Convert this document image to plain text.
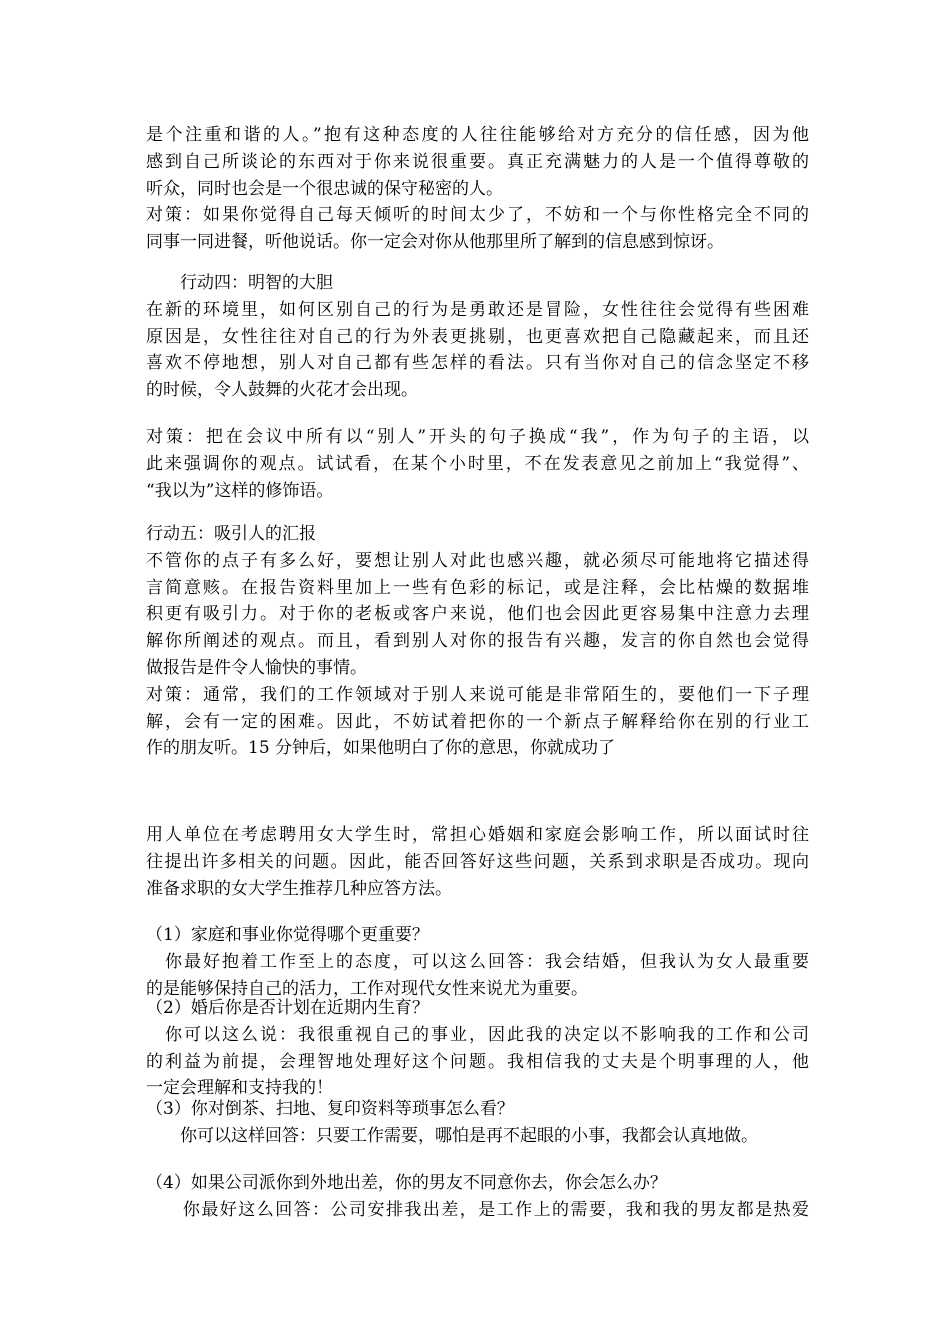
是个注重和谐的人。”抱有这种态度的人往往能够给对方充分的信任感，因为他
感到自己所谈论的东西对于你来说很重要。真正充满魅力的人是一个值得尊敬的
听众，同时也会是一个很忠诚的保守秘密的人。
对策：如果你觉得自己每天倾听的时间太少了，不妨和一个与你性格完全不同的
同事一同进餐，听他说话。你一定会对你从他那里所了解到的信息感到惊讶。
　　行动四：明智的大胆
在新的环境里，如何区别自己的行为是勇敢还是冒险，女性往往会觉得有些困难
原因是，女性往往对自己的行为外表更挑剔，也更喜欢把自己隐藏起来，而且还
喜欢不停地想，别人对自己都有些怎样的看法。只有当你对自己的信念坚定不移
的时候，令人鼓舞的火花才会出现。
对策：把在会议中所有以“别人”开头的句子换成“我”，作为句子的主语，以
此来强调你的观点。试试看，在某个小时里，不在发表意见之前加上“我觉得”、
“我以为”这样的修饰语。
行动五：吸引人的汇报
不管你的点子有多么好，要想让别人对此也感兴趣，就必须尽可能地将它描述得
言简意赅。在报告资料里加上一些有色彩的标记，或是注释，会比枯燥的数据堆
积更有吸引力。对于你的老板或客户来说，他们也会因此更容易集中注意力去理
解你所阐述的观点。而且，看到别人对你的报告有兴趣，发言的你自然也会觉得
做报告是件令人愉快的事情。
对策：通常，我们的工作领域对于别人来说可能是非常陌生的，要他们一下子理
解，会有一定的困难。因此，不妨试着把你的一个新点子解释给你在别的行业工
作的朋友听。15 分钟后，如果他明白了你的意思，你就成功了
用人单位在考虑聘用女大学生时，常担心婚姻和家庭会影响工作，所以面试时往
往提出许多相关的问题。因此，能否回答好这些问题，关系到求职是否成功。现向
准备求职的女大学生推荐几种应答方法。
（1）家庭和事业你觉得哪个更重要？
　你最好抱着工作至上的态度，可以这么回答：我会结婚，但我认为女人最重要
的是能够保持自己的活力，工作对现代女性来说尤为重要。
（2）婚后你是否计划在近期内生育？
　你可以这么说：我很重视自己的事业，因此我的决定以不影响我的工作和公司
的利益为前提，会理智地处理好这个问题。我相信我的丈夫是个明事理的人，他
一定会理解和支持我的！
（3）你对倒茶、扫地、复印资料等琐事怎么看？
　　你可以这样回答：只要工作需要，哪怕是再不起眼的小事，我都会认真地做。
（4）如果公司派你到外地出差，你的男友不同意你去，你会怎么办？
　　你最好这么回答：公司安排我出差，是工作上的需要，我和我的男友都是热爱
